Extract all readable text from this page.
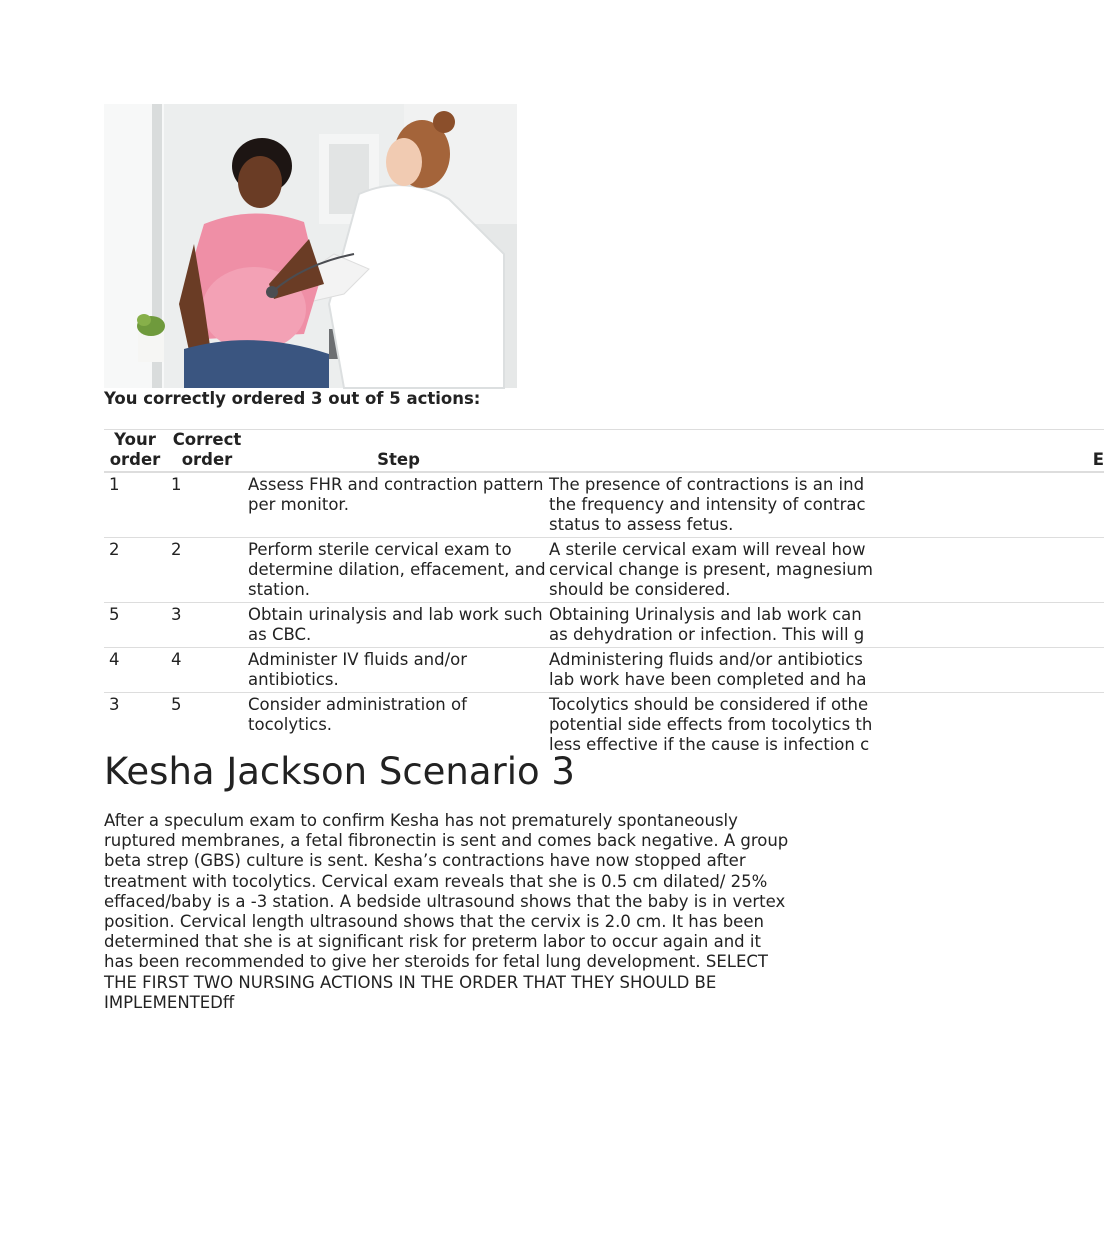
You correctly ordered 3 out of 5 actions:
Your order	Correct order	Step	E
1	1	Assess FHR and contraction pattern per monitor.	The presence of contractions is an ind
the frequency and intensity of contrac
status to assess fetus.

2	2	Perform sterile cervical exam to determine dilation, effacement, and station.	A sterile cervical exam will reveal how
cervical change is present, magnesium
should be considered.

5	3	Obtain urinalysis and lab work such as CBC.	Obtaining Urinalysis and lab work can
as dehydration or infection. This will g

4	4	Administer IV fluids and/or antibiotics.	Administering fluids and/or antibiotics
lab work have been completed and ha

3	5	Consider administration of tocolytics.	Tocolytics should be considered if othe
potential side effects from tocolytics th
less effective if the cause is infection c
Kesha Jackson Scenario 3

After a speculum exam to confirm Kesha has not prematurely spontaneously ruptured membranes, a fetal fibronectin is sent and comes back negative. A group beta strep (GBS) culture is sent. Kesha’s contractions have now stopped after treatment with tocolytics. Cervical exam reveals that she is 0.5 cm dilated/ 25% effaced/baby is a -3 station. A bedside ultrasound shows that the baby is in vertex position. Cervical length ultrasound shows that the cervix is 2.0 cm. It has been determined that she is at significant risk for preterm labor to occur again and it has been recommended to give her steroids for fetal lung development. SELECT THE FIRST TWO NURSING ACTIONS IN THE ORDER THAT THEY SHOULD BE IMPLEMENTEDff
